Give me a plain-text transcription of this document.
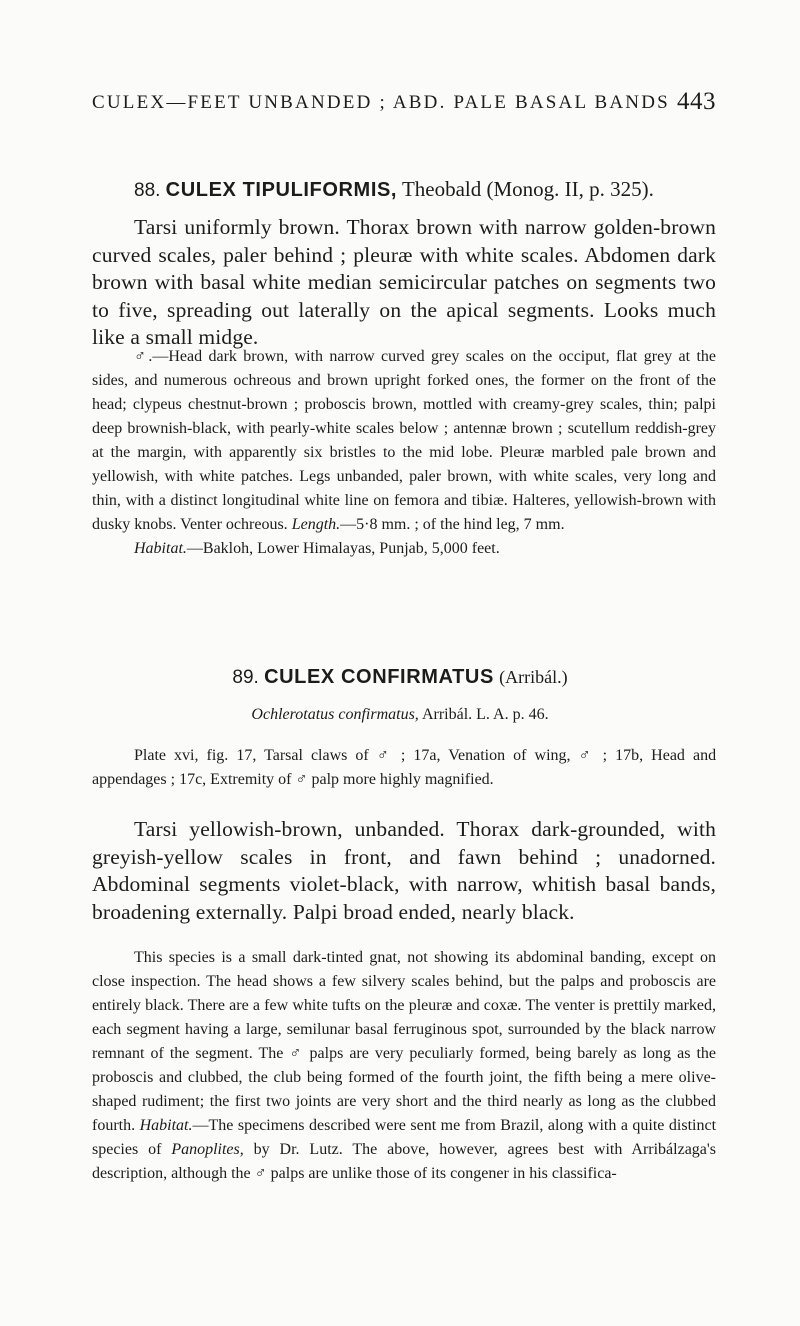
CULEX—FEET UNBANDED ; ABD. PALE BASAL BANDS 443
88. CULEX TIPULIFORMIS, Theobald (Monog. II, p. 325).

Tarsi uniformly brown. Thorax brown with narrow golden-brown curved scales, paler behind ; pleuræ with white scales. Abdomen dark brown with basal white median semicircular patches on segments two to five, spreading out laterally on the apical segments. Looks much like a small midge.

♂.—Head dark brown, with narrow curved grey scales on the occiput, flat grey at the sides, and numerous ochreous and brown upright forked ones, the former on the front of the head; clypeus chestnut-brown ; proboscis brown, mottled with creamy-grey scales, thin; palpi deep brownish-black, with pearly-white scales below ; antennæ brown ; scutellum reddish-grey at the margin, with apparently six bristles to the mid lobe. Pleuræ marbled pale brown and yellowish, with white patches. Legs unbanded, paler brown, with white scales, very long and thin, with a distinct longitudinal white line on femora and tibiæ. Halteres, yellowish-brown with dusky knobs. Venter ochreous. Length.—5·8 mm. ; of the hind leg, 7 mm.

Habitat.—Bakloh, Lower Himalayas, Punjab, 5,000 feet.

89. CULEX CONFIRMATUS (Arribál.)
Ochlerotatus confirmatus, Arribál. L. A. p. 46.

Plate xvi, fig. 17, Tarsal claws of ♂ ; 17a, Venation of wing, ♂ ; 17b, Head and appendages ; 17c, Extremity of ♂ palp more highly magnified.

Tarsi yellowish-brown, unbanded. Thorax dark-grounded, with greyish-yellow scales in front, and fawn behind ; unadorned. Abdominal segments violet-black, with narrow, whitish basal bands, broadening externally. Palpi broad ended, nearly black.

This species is a small dark-tinted gnat, not showing its abdominal banding, except on close inspection. The head shows a few silvery scales behind, but the palps and proboscis are entirely black. There are a few white tufts on the pleuræ and coxæ. The venter is prettily marked, each segment having a large, semilunar basal ferruginous spot, surrounded by the black narrow remnant of the segment. The ♂ palps are very peculiarly formed, being barely as long as the proboscis and clubbed, the club being formed of the fourth joint, the fifth being a mere olive-shaped rudiment; the first two joints are very short and the third nearly as long as the clubbed fourth. Habitat.—The specimens described were sent me from Brazil, along with a quite distinct species of Panoplites, by Dr. Lutz. The above, however, agrees best with Arribálzaga's description, although the ♂ palps are unlike those of its congener in his classifica-
